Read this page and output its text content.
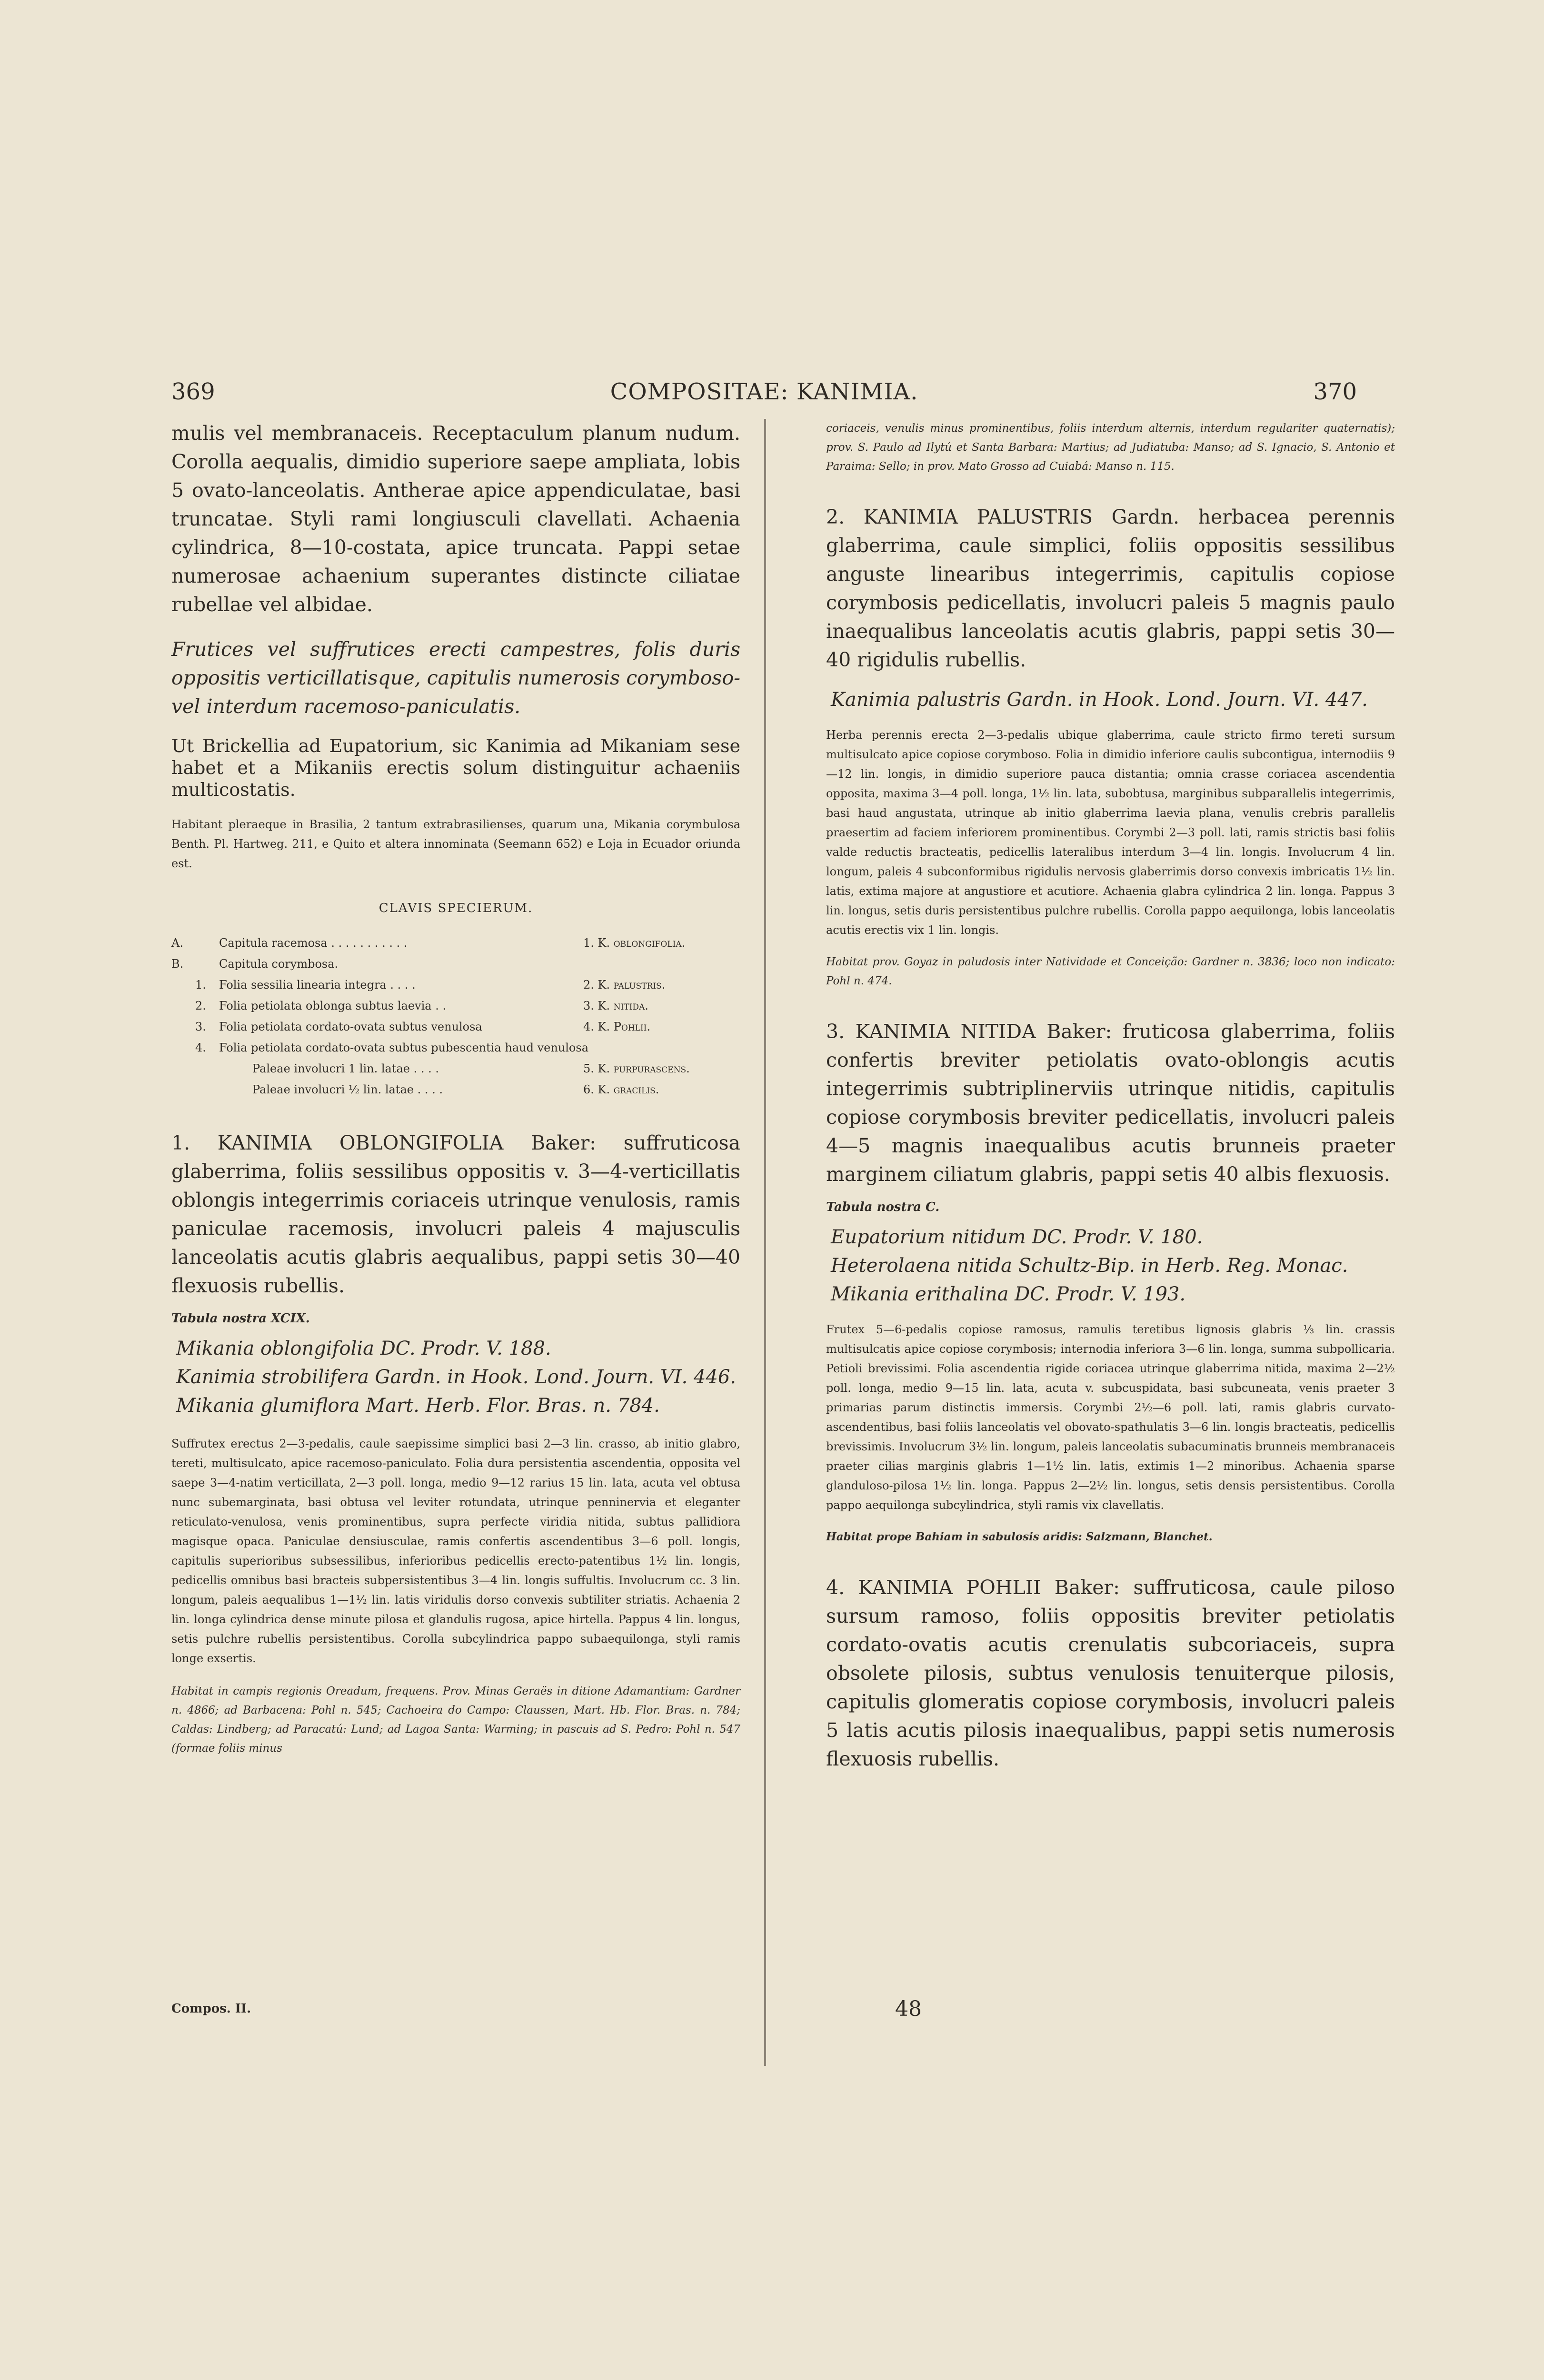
369	COMPOSITAE: KANIMIA.	370

mulis vel membranaceis. Receptaculum planum nudum. Corolla aequalis, dimidio superiore saepe ampliata, lobis 5 ovato-lanceolatis. Antherae apice appendiculatae, basi truncatae. Styli rami longiusculi clavellati. Achaenia cylindrica, 8—10-costata, apice truncata. Pappi setae numerosae achaenium superantes distincte ciliatae rubellae vel albidae.

Frutices vel suffrutices erecti campestres, folis duris oppositis verticillatisque, capitulis numerosis corymboso- vel interdum racemoso-paniculatis.

Ut Brickellia ad Eupatorium, sic Kanimia ad Mikaniam sese habet et a Mikaniis erectis solum distinguitur achaeniis multicostatis.

Habitant pleraeque in Brasilia, 2 tantum extrabrasilienses, quarum una, Mikania corymbulosa Benth. Pl. Hartweg. 211, e Quito et altera innominata (Seemann 652) e Loja in Ecuador oriunda est.

CLAVIS SPECIERUM.

A.	Capitula racemosa . . . . . . . . . . .	1. K. oblongifolia.
B.	Capitula corymbosa.	
1.	Folia sessilia linearia integra . . . .	2. K. palustris.
2.	Folia petiolata oblonga subtus laevia . .	3. K. nitida.
3.	Folia petiolata cordato-ovata subtus venulosa	4. K. Pohlii.
4.	Folia petiolata cordato-ovata subtus pubescentia haud venulosa	
	Paleae involucri 1 lin. latae . . . .	5. K. purpurascens.
	Paleae involucri ½ lin. latae . . . .	6. K. gracilis.

1. KANIMIA OBLONGIFOLIA Baker: suffruticosa glaberrima, foliis sessilibus oppositis v. 3—4-verticillatis oblongis integerrimis coriaceis utrinque venulosis, ramis paniculae racemosis, involucri paleis 4 majusculis lanceolatis acutis glabris aequalibus, pappi setis 30—40 flexuosis rubellis.

Tabula nostra XCIX.

Mikania oblongifolia DC. Prodr. V. 188.

Kanimia strobilifera Gardn. in Hook. Lond. Journ. VI. 446.

Mikania glumiflora Mart. Herb. Flor. Bras. n. 784.

Suffrutex erectus 2—3-pedalis, caule saepissime simplici basi 2—3 lin. crasso, ab initio glabro, tereti, multisulcato, apice racemoso-paniculato. Folia dura persistentia ascendentia, opposita vel saepe 3—4-natim verticillata, 2—3 poll. longa, medio 9—12 rarius 15 lin. lata, acuta vel obtusa nunc subemarginata, basi obtusa vel leviter rotundata, utrinque penninervia et eleganter reticulato-venulosa, venis prominentibus, supra perfecte viridia nitida, subtus pallidiora magisque opaca. Paniculae densiusculae, ramis confertis ascendentibus 3—6 poll. longis, capitulis superioribus subsessilibus, inferioribus pedicellis erecto-patentibus 1½ lin. longis, pedicellis omnibus basi bracteis subpersistentibus 3—4 lin. longis suffultis. Involucrum cc. 3 lin. longum, paleis aequalibus 1—1½ lin. latis viridulis dorso convexis subtiliter striatis. Achaenia 2 lin. longa cylindrica dense minute pilosa et glandulis rugosa, apice hirtella. Pappus 4 lin. longus, setis pulchre rubellis persistentibus. Corolla subcylindrica pappo subaequilonga, styli ramis longe exsertis.

Habitat in campis regionis Oreadum, frequens. Prov. Minas Geraës in ditione Adamantium: Gardner n. 4866; ad Barbacena: Pohl n. 545; Cachoeira do Campo: Claussen, Mart. Hb. Flor. Bras. n. 784; Caldas: Lindberg; ad Paracatú: Lund; ad Lagoa Santa: Warming; in pascuis ad S. Pedro: Pohl n. 547 (formae foliis minus

Compos. II.

coriaceis, venulis minus prominentibus, foliis interdum alternis, interdum regulariter quaternatis); prov. S. Paulo ad Ilytú et Santa Barbara: Martius; ad Judiatuba: Manso; ad S. Ignacio, S. Antonio et Paraima: Sello; in prov. Mato Grosso ad Cuiabá: Manso n. 115.

2. KANIMIA PALUSTRIS Gardn. herbacea perennis glaberrima, caule simplici, foliis oppositis sessilibus anguste linearibus integerrimis, capitulis copiose corymbosis pedicellatis, involucri paleis 5 magnis paulo inaequalibus lanceolatis acutis glabris, pappi setis 30—40 rigidulis rubellis.

Kanimia palustris Gardn. in Hook. Lond. Journ. VI. 447.

Herba perennis erecta 2—3-pedalis ubique glaberrima, caule stricto firmo tereti sursum multisulcato apice copiose corymboso. Folia in dimidio inferiore caulis subcontigua, internodiis 9—12 lin. longis, in dimidio superiore pauca distantia; omnia crasse coriacea ascendentia opposita, maxima 3—4 poll. longa, 1½ lin. lata, subobtusa, marginibus subparallelis integerrimis, basi haud angustata, utrinque ab initio glaberrima laevia plana, venulis crebris parallelis praesertim ad faciem inferiorem prominentibus. Corymbi 2—3 poll. lati, ramis strictis basi foliis valde reductis bracteatis, pedicellis lateralibus interdum 3—4 lin. longis. Involucrum 4 lin. longum, paleis 4 subconformibus rigidulis nervosis glaberrimis dorso convexis imbricatis 1½ lin. latis, extima majore at angustiore et acutiore. Achaenia glabra cylindrica 2 lin. longa. Pappus 3 lin. longus, setis duris persistentibus pulchre rubellis. Corolla pappo aequilonga, lobis lanceolatis acutis erectis vix 1 lin. longis.

Habitat prov. Goyaz in paludosis inter Natividade et Conceição: Gardner n. 3836; loco non indicato: Pohl n. 474.

3. KANIMIA NITIDA Baker: fruticosa glaberrima, foliis confertis breviter petiolatis ovato-oblongis acutis integerrimis subtriplinerviis utrinque nitidis, capitulis copiose corymbosis breviter pedicellatis, involucri paleis 4—5 magnis inaequalibus acutis brunneis praeter marginem ciliatum glabris, pappi setis 40 albis flexuosis.

Tabula nostra C.

Eupatorium nitidum DC. Prodr. V. 180.

Heterolaena nitida Schultz-Bip. in Herb. Reg. Monac.

Mikania erithalina DC. Prodr. V. 193.

Frutex 5—6-pedalis copiose ramosus, ramulis teretibus lignosis glabris ⅓ lin. crassis multisulcatis apice copiose corymbosis; internodia inferiora 3—6 lin. longa, summa subpollicaria. Petioli brevissimi. Folia ascendentia rigide coriacea utrinque glaberrima nitida, maxima 2—2½ poll. longa, medio 9—15 lin. lata, acuta v. subcuspidata, basi subcuneata, venis praeter 3 primarias parum distinctis immersis. Corymbi 2½—6 poll. lati, ramis glabris curvato-ascendentibus, basi foliis lanceolatis vel obovato-spathulatis 3—6 lin. longis bracteatis, pedicellis brevissimis. Involucrum 3½ lin. longum, paleis lanceolatis subacuminatis brunneis membranaceis praeter cilias marginis glabris 1—1½ lin. latis, extimis 1—2 minoribus. Achaenia sparse glanduloso-pilosa 1½ lin. longa. Pappus 2—2½ lin. longus, setis densis persistentibus. Corolla pappo aequilonga subcylindrica, styli ramis vix clavellatis.

Habitat prope Bahiam in sabulosis aridis: Salzmann, Blanchet.

4. KANIMIA POHLII Baker: suffruticosa, caule piloso sursum ramoso, foliis oppositis breviter petiolatis cordato-ovatis acutis crenulatis subcoriaceis, supra obsolete pilosis, subtus venulosis tenuiterque pilosis, capitulis glomeratis copiose corymbosis, involucri paleis 5 latis acutis pilosis inaequalibus, pappi setis numerosis flexuosis rubellis.

48
